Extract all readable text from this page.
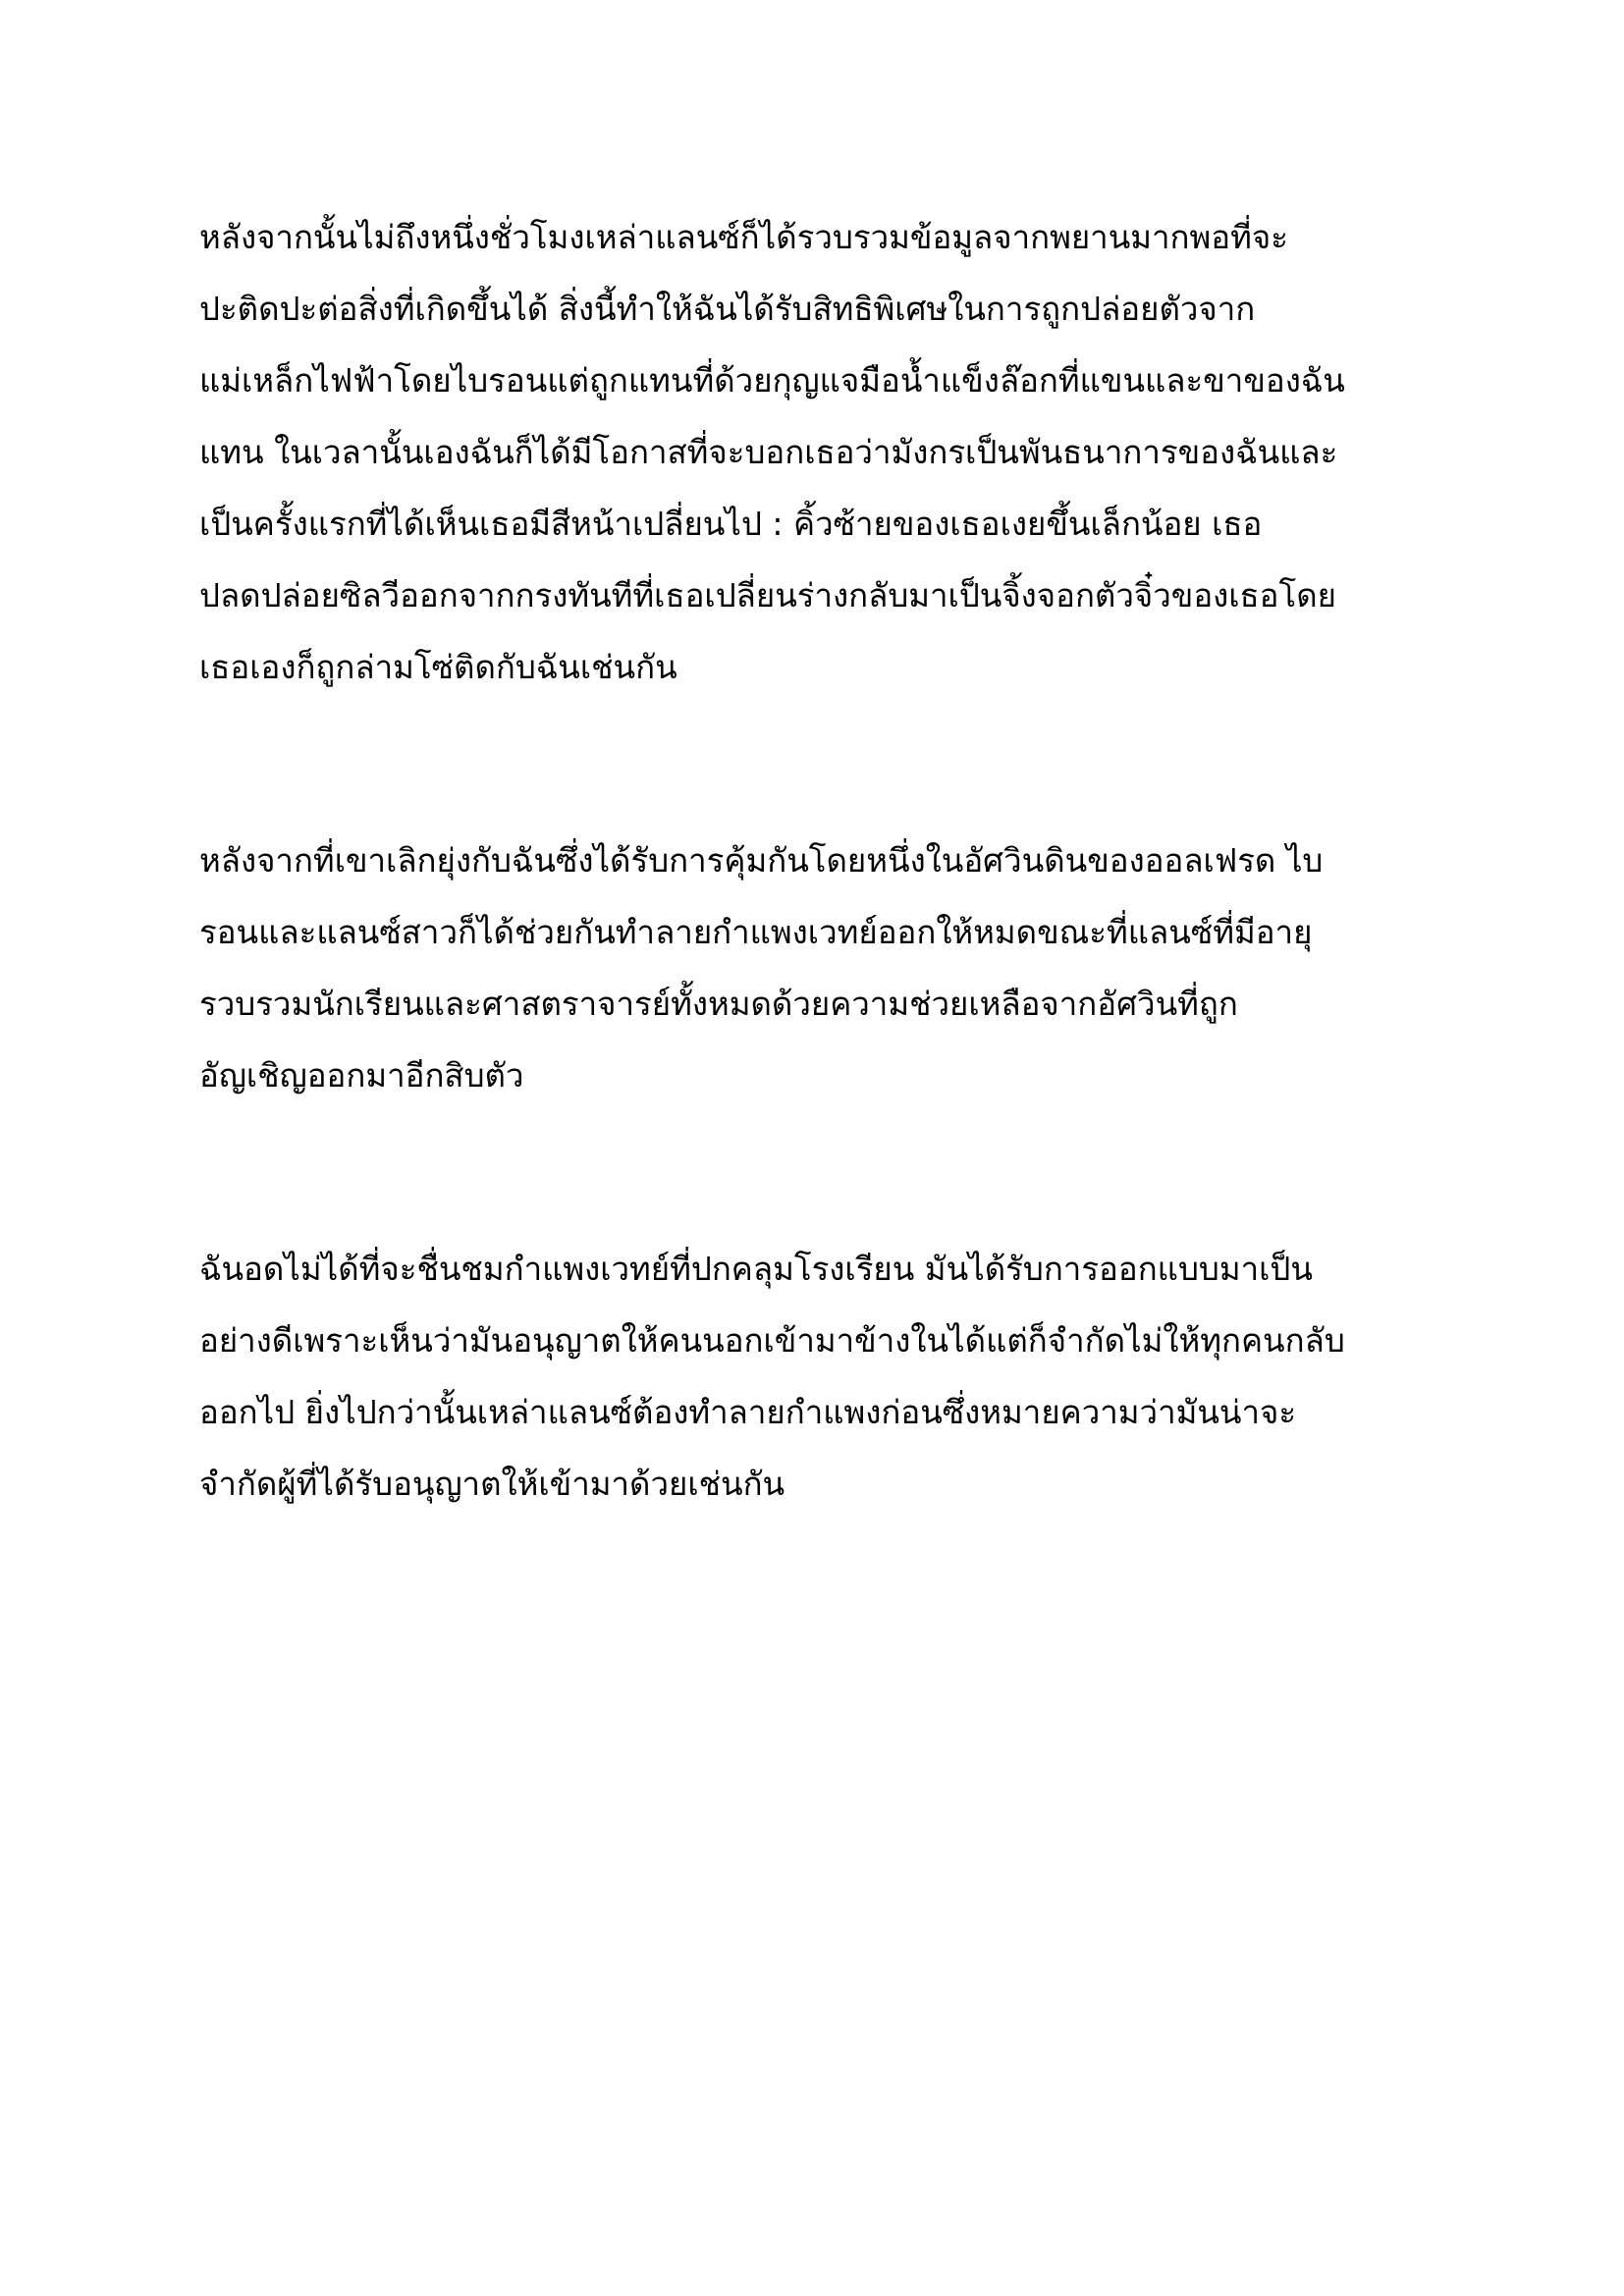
หลังจากนั้นไม่ถึงหนึ่งชั่วโมงเหล่าแลนซ์ก็ได้รวบรวมข้อมูลจากพยานมากพอที่จะ
ปะติดปะต่อสิ่งที่เกิดขึ้นได้ สิ่งนี้ทำให้ฉันได้รับสิทธิพิเศษในการถูกปล่อยตัวจาก
แม่เหล็กไฟฟ้าโดยไบรอนแต่ถูกแทนที่ด้วยกุญแจมือน้ำแข็งล๊อกที่แขนและขาของฉัน
แทน ในเวลานั้นเองฉันก็ได้มีโอกาสที่จะบอกเธอว่ามังกรเป็นพันธนาการของฉันและ
เป็นครั้งแรกที่ได้เห็นเธอมีสีหน้าเปลี่ยนไป : คิ้วซ้ายของเธอเงยขึ้นเล็กน้อย เธอ
ปลดปล่อยซิลวีออกจากกรงทันทีที่เธอเปลี่ยนร่างกลับมาเป็นจิ้งจอกตัวจิ๋วของเธอโดย
เธอเองก็ถูกล่ามโซ่ติดกับฉันเช่นกัน
หลังจากที่เขาเลิกยุ่งกับฉันซึ่งได้รับการคุ้มกันโดยหนึ่งในอัศวินดินของออลเฟรด ไบ
รอนและแลนซ์สาวก็ได้ช่วยกันทำลายกำแพงเวทย์ออกให้หมดขณะที่แลนซ์ที่มีอายุ
รวบรวมนักเรียนและศาสตราจารย์ทั้งหมดด้วยความช่วยเหลือจากอัศวินที่ถูก
อัญเชิญออกมาอีกสิบตัว
ฉันอดไม่ได้ที่จะชื่นชมกำแพงเวทย์ที่ปกคลุมโรงเรียน มันได้รับการออกแบบมาเป็น
อย่างดีเพราะเห็นว่ามันอนุญาตให้คนนอกเข้ามาข้างในได้แต่ก็จำกัดไม่ให้ทุกคนกลับ
ออกไป ยิ่งไปกว่านั้นเหล่าแลนซ์ต้องทำลายกำแพงก่อนซึ่งหมายความว่ามันน่าจะ
จำกัดผู้ที่ได้รับอนุญาตให้เข้ามาด้วยเช่นกัน
